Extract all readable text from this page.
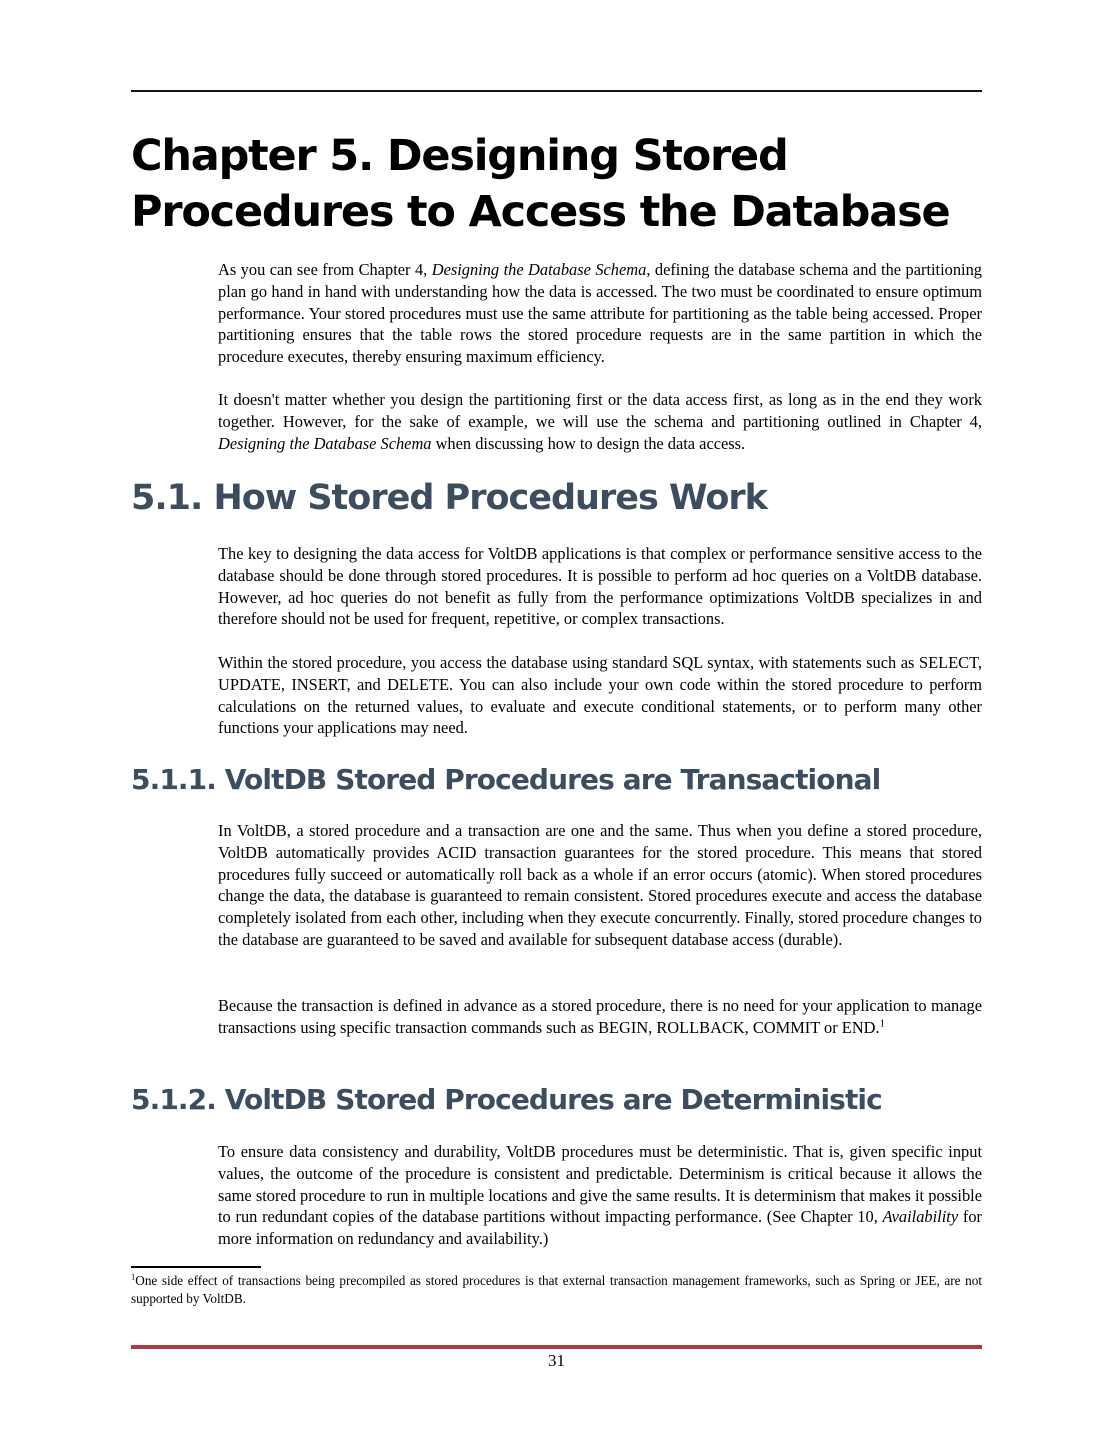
Chapter 5. Designing Stored Procedures to Access the Database

As you can see from Chapter 4, Designing the Database Schema, defining the database schema and the partitioning plan go hand in hand with understanding how the data is accessed. The two must be coordinated to ensure optimum performance. Your stored procedures must use the same attribute for partitioning as the table being accessed. Proper partitioning ensures that the table rows the stored procedure requests are in the same partition in which the procedure executes, thereby ensuring maximum efficiency.

It doesn't matter whether you design the partitioning first or the data access first, as long as in the end they work together. However, for the sake of example, we will use the schema and partitioning outlined in Chapter 4, Designing the Database Schema when discussing how to design the data access.

5.1. How Stored Procedures Work

The key to designing the data access for VoltDB applications is that complex or performance sensitive access to the database should be done through stored procedures. It is possible to perform ad hoc queries on a VoltDB database. However, ad hoc queries do not benefit as fully from the performance optimizations VoltDB specializes in and therefore should not be used for frequent, repetitive, or complex transactions.

Within the stored procedure, you access the database using standard SQL syntax, with statements such as SELECT, UPDATE, INSERT, and DELETE. You can also include your own code within the stored procedure to perform calculations on the returned values, to evaluate and execute conditional statements, or to perform many other functions your applications may need.

5.1.1. VoltDB Stored Procedures are Transactional

In VoltDB, a stored procedure and a transaction are one and the same. Thus when you define a stored procedure, VoltDB automatically provides ACID transaction guarantees for the stored procedure. This means that stored procedures fully succeed or automatically roll back as a whole if an error occurs (atomic). When stored procedures change the data, the database is guaranteed to remain consistent. Stored procedures execute and access the database completely isolated from each other, including when they execute concurrently. Finally, stored procedure changes to the database are guaranteed to be saved and available for subsequent database access (durable).

Because the transaction is defined in advance as a stored procedure, there is no need for your application to manage transactions using specific transaction commands such as BEGIN, ROLLBACK, COMMIT or END.$^1$

5.1.2. VoltDB Stored Procedures are Deterministic

To ensure data consistency and durability, VoltDB procedures must be deterministic. That is, given specific input values, the outcome of the procedure is consistent and predictable. Determinism is critical because it allows the same stored procedure to run in multiple locations and give the same results. It is determinism that makes it possible to run redundant copies of the database partitions without impacting performance. (See Chapter 10, Availability for more information on redundancy and availability.)

$^1$One side effect of transactions being precompiled as stored procedures is that external transaction management frameworks, such as Spring or JEE, are not supported by VoltDB.

31
